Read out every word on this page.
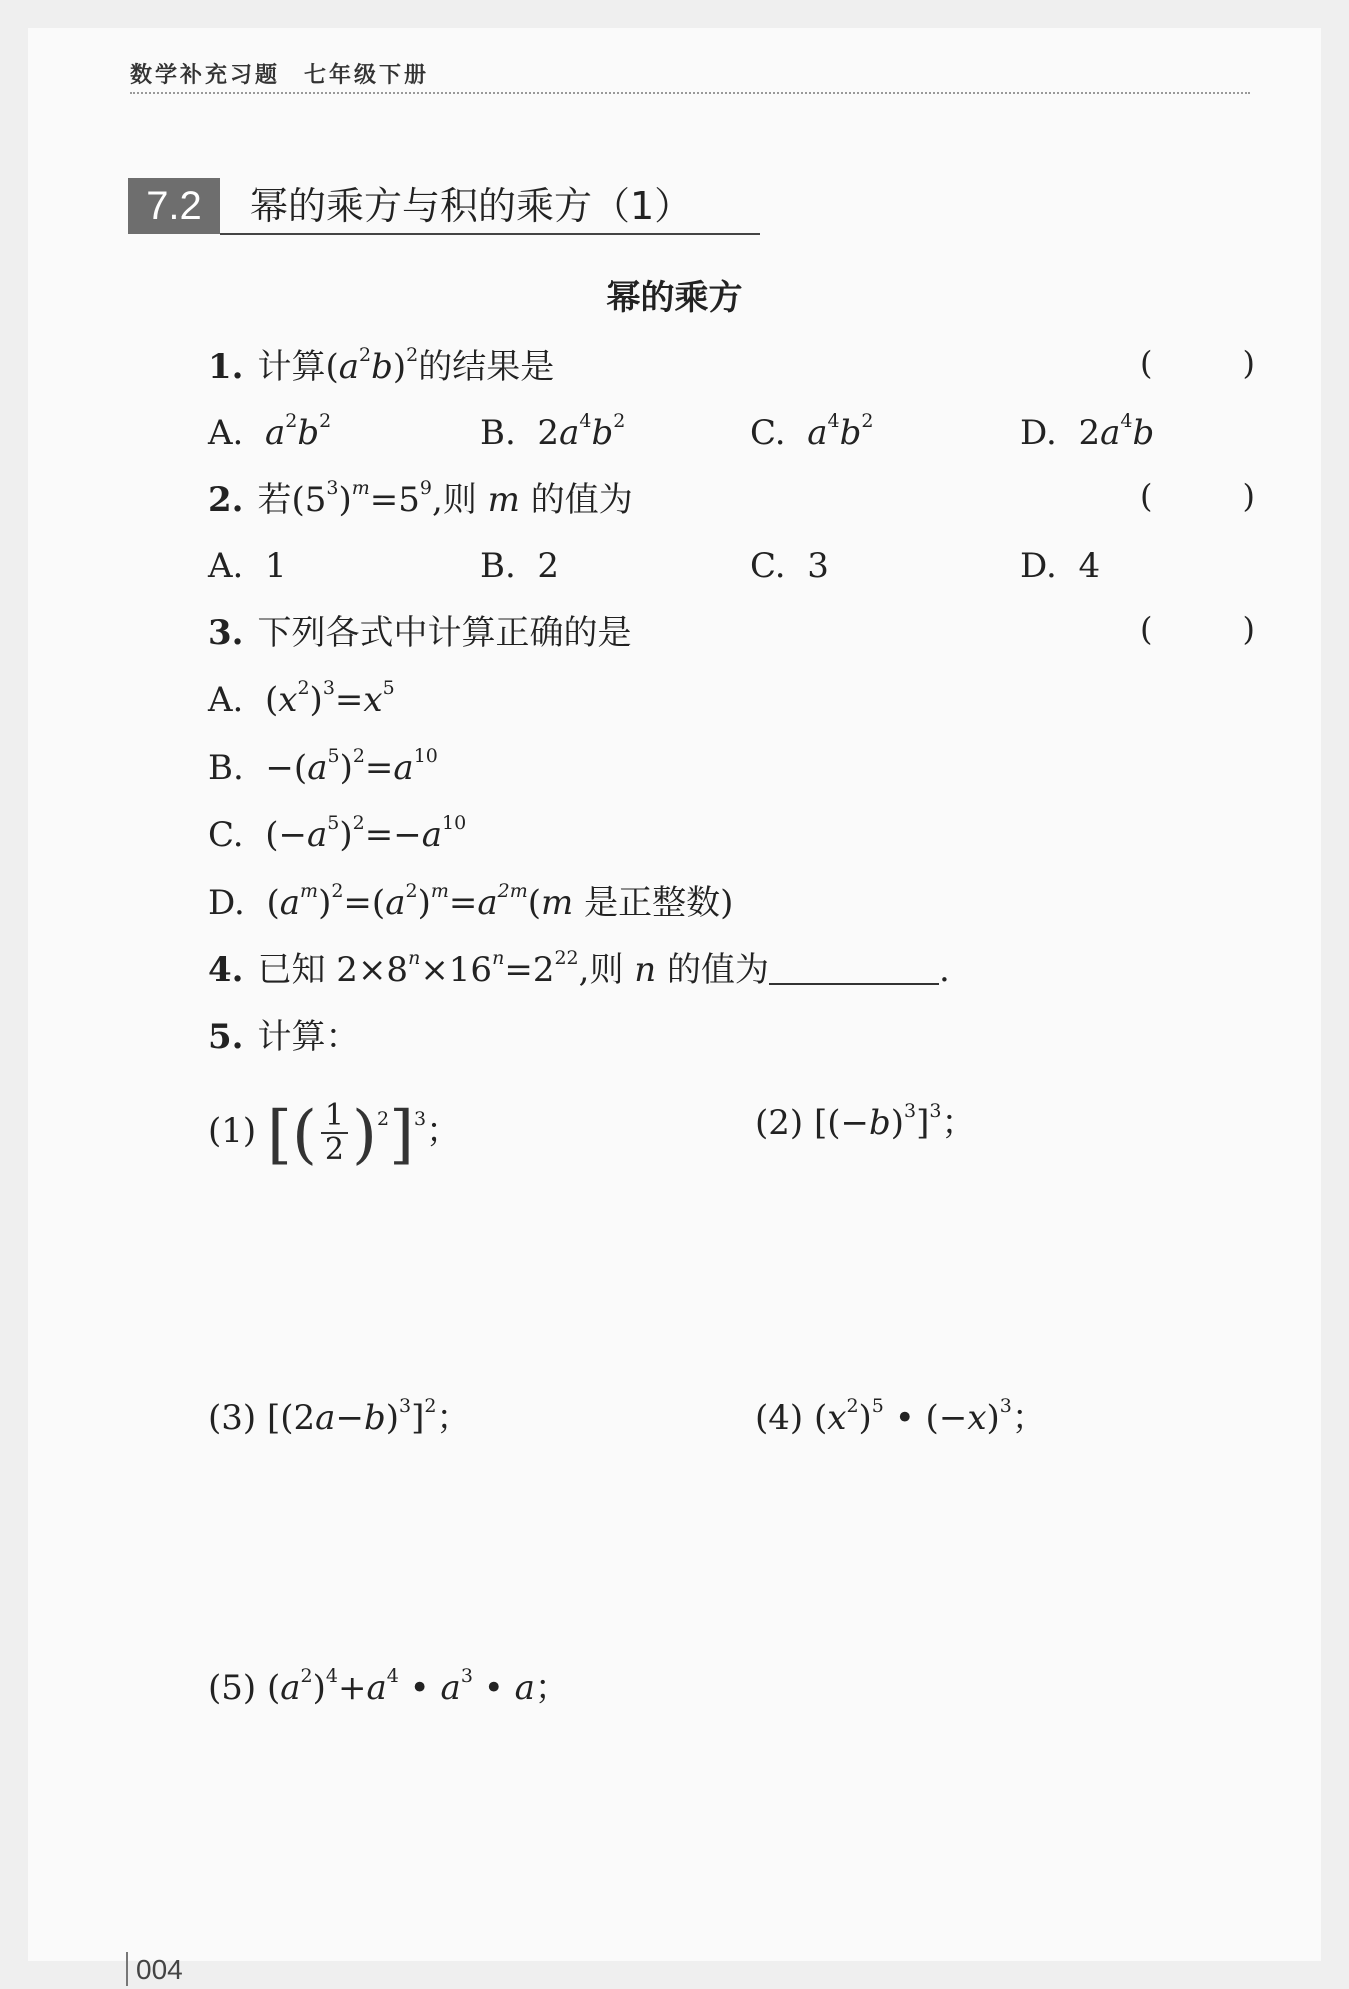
数学补充习题 七年级下册
7.2	幂的乘方与积的乘方（1）
幂的乘方
1. 计算$(a^2b)^2$的结果是	(	)
A. $a^2b^2$	B. $2a^4b^2$	C. $a^4b^2$	D. $2a^4b$
2. 若$(5^3)^m=5^9$,则 m 的值为	(	)
A. 1	B. 2	C. 3	D. 4
3. 下列各式中计算正确的是	(	)
A. $(x^2)^3=x^5$
B. $-(a^5)^2=a^{10}$
C. $(-a^5)^2=-a^{10}$
D. $(a^m)^2=(a^2)^m=a^{2m}(m$ 是正整数)
4. 已知 $2\times 8^n\times 16^n=2^{22}$,则 n 的值为	.
5. 计算：
(1) [( $\frac{1}{2} )^2]^3$；	(2) $[(-b)^3]^3$；
(3) $[(2a-b)^3]^2$；	(4) $(x^2)^5$ • $(-x)^3$；
(5) $(a^2)^4+a^4$ • $a^3$ • a；
004
